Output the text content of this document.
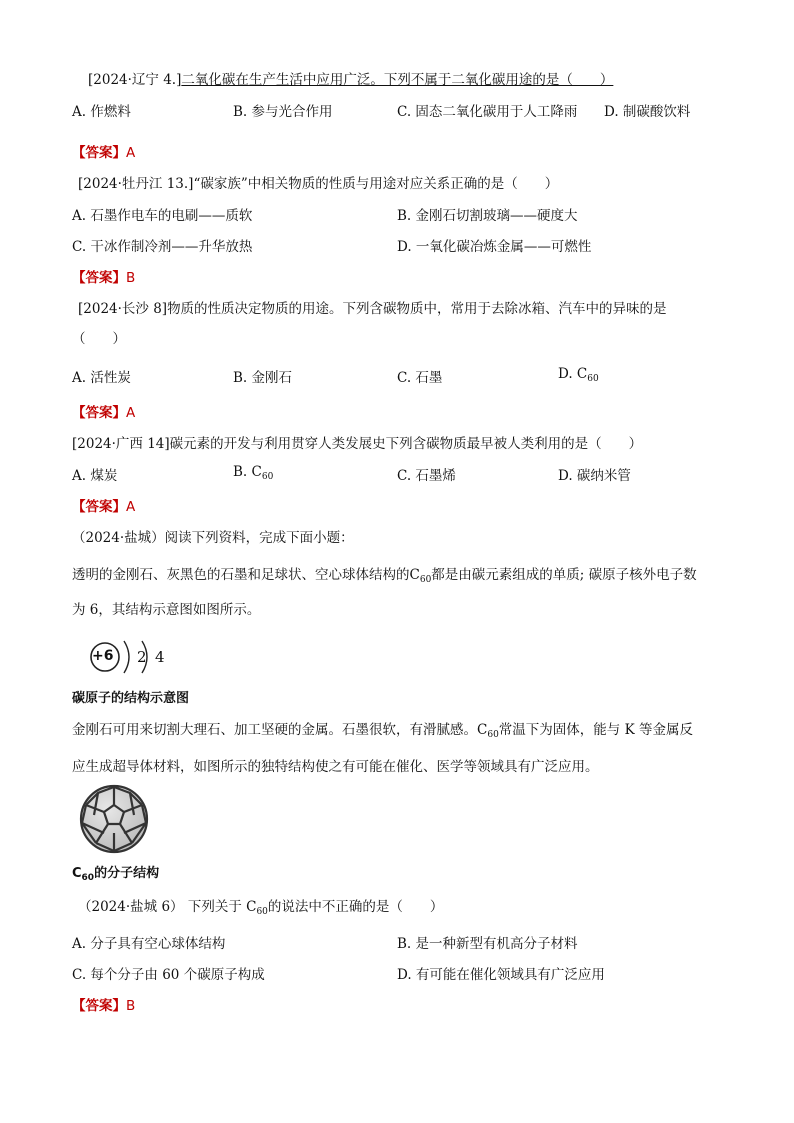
[2024·辽宁 4.]二氧化碳在生产生活中应用广泛。下列不属于二氧化碳用途的是（　　）
A. 作燃料	B. 参与光合作用	C. 固态二氧化碳用于人工降雨 D. 制碳酸饮料
【答案】A
[2024·牡丹江 13.]“碳家族”中相关物质的性质与用途对应关系正确的是（　　）
A. 石墨作电车的电刷——质软	B. 金刚石切割玻璃——硬度大
C. 干冰作制冷剂——升华放热	D. 一氧化碳冶炼金属——可燃性
【答案】B
[2024·长沙 8]物质的性质决定物质的用途。下列含碳物质中，常用于去除冰箱、汽车中的异味的是
（　　）
A. 活性炭	B. 金刚石	C. 石墨	D. $C_{60}$
【答案】A
[2024·广西 14]碳元素的开发与利用贯穿人类发展史下列含碳物质最早被人类利用的是（　　）
A. 煤炭	B. $C_{60}$	C. 石墨烯	D. 碳纳米管
【答案】A
（2024·盐城）阅读下列资料，完成下面小题：
透明的金刚石、灰黑色的石墨和足球状、空心球体结构的$C_{60}$都是由碳元素组成的单质; 碳原子核外电子数
为 6，其结构示意图如图所示。
+6 2 4
碳原子的结构示意图
金刚石可用来切割大理石、加工坚硬的金属。石墨很软，有滑腻感。$C_{60}$常温下为固体，能与 K 等金属反
应生成超导体材料，如图所示的独特结构使之有可能在催化、医学等领域具有广泛应用。
$C_{60}$的分子结构
（2024·盐城 6） 下列关于 $C_{60}$的说法中不正确的是（　　）
A. 分子具有空心球体结构	B. 是一种新型有机高分子材料
C. 每个分子由 60 个碳原子构成	D. 有可能在催化领域具有广泛应用
【答案】B
